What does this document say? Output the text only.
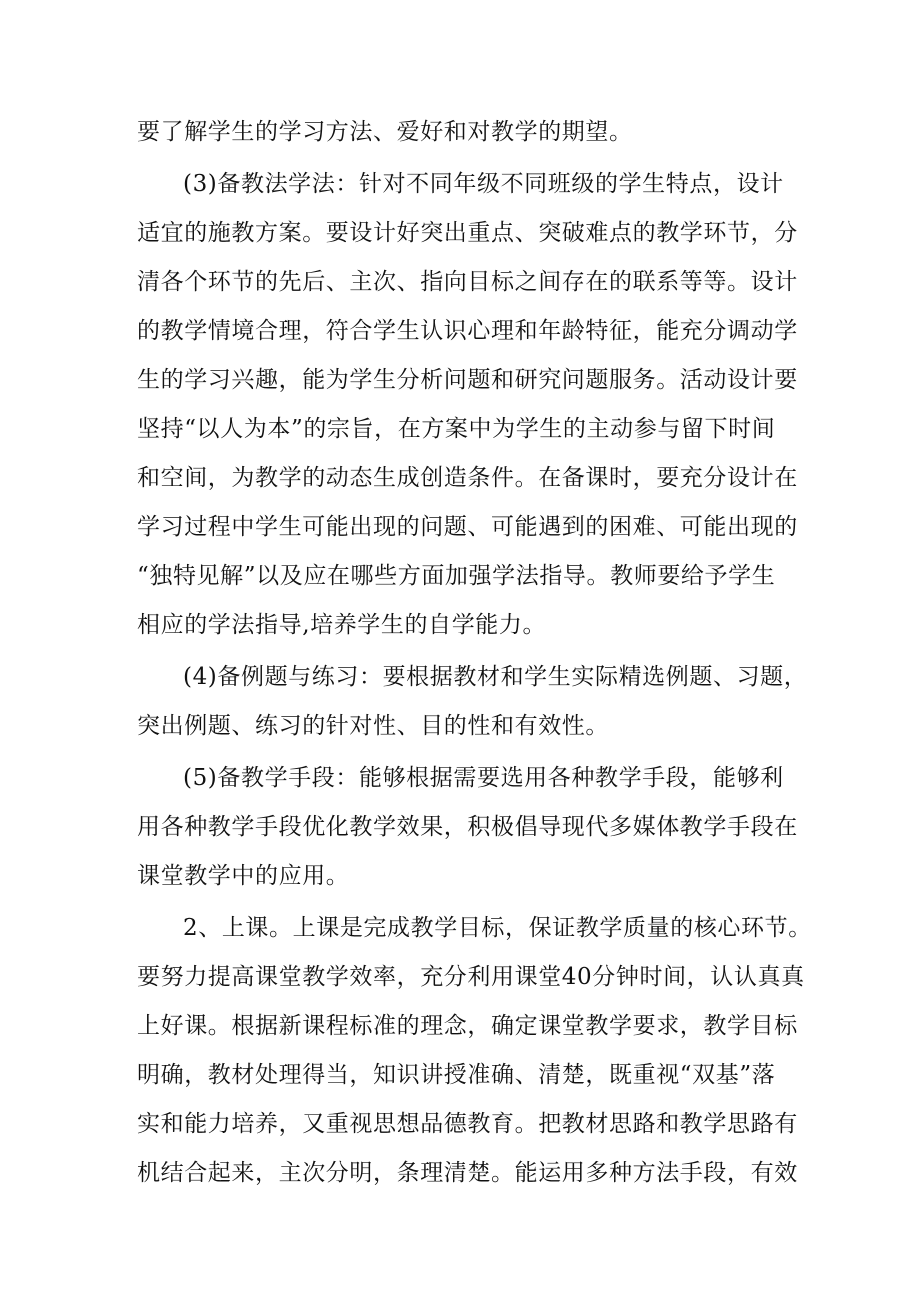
要了解学生的学习方法、爱好和对教学的期望。
(3)备教法学法：针对不同年级不同班级的学生特点，设计
适宜的施教方案。要设计好突出重点、突破难点的教学环节，分
清各个环节的先后、主次、指向目标之间存在的联系等等。设计
的教学情境合理，符合学生认识心理和年龄特征，能充分调动学
生的学习兴趣，能为学生分析问题和研究问题服务。活动设计要
坚持“以人为本”的宗旨，在方案中为学生的主动参与留下时间
和空间，为教学的动态生成创造条件。在备课时，要充分设计在
学习过程中学生可能出现的问题、可能遇到的困难、可能出现的
“独特见解”以及应在哪些方面加强学法指导。教师要给予学生
相应的学法指导,培养学生的自学能力。
(4)备例题与练习：要根据教材和学生实际精选例题、习题，
突出例题、练习的针对性、目的性和有效性。
(5)备教学手段：能够根据需要选用各种教学手段，能够利
用各种教学手段优化教学效果，积极倡导现代多媒体教学手段在
课堂教学中的应用。
2、上课。上课是完成教学目标，保证教学质量的核心环节。
要努力提高课堂教学效率，充分利用课堂40分钟时间，认认真真
上好课。根据新课程标准的理念，确定课堂教学要求，教学目标
明确，教材处理得当，知识讲授准确、清楚，既重视“双基”落
实和能力培养，又重视思想品德教育。把教材思路和教学思路有
机结合起来，主次分明，条理清楚。能运用多种方法手段，有效
